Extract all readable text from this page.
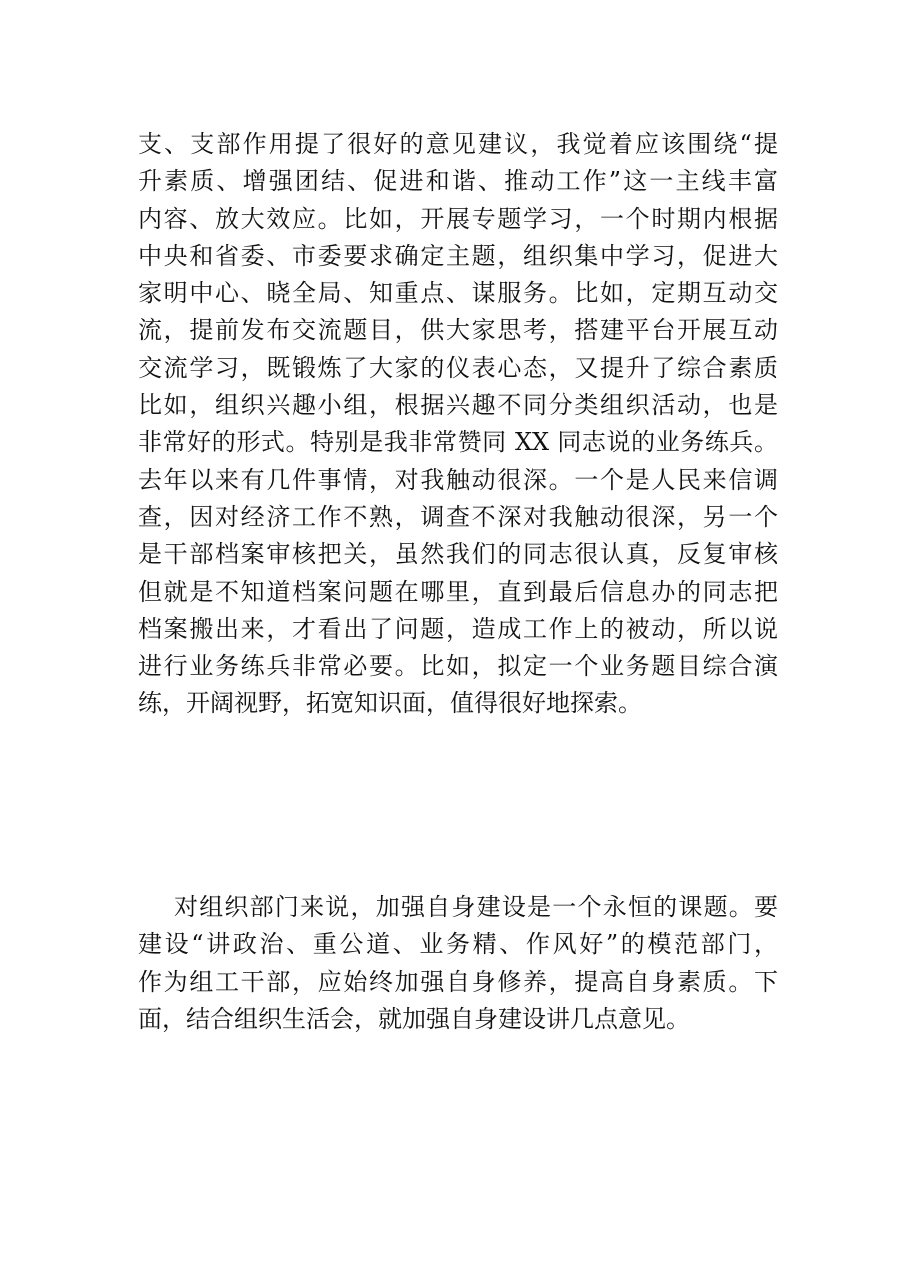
支、支部作用提了很好的意见建议，我觉着应该围绕“提
升素质、增强团结、促进和谐、推动工作”这一主线丰富
内容、放大效应。比如，开展专题学习，一个时期内根据
中央和省委、市委要求确定主题，组织集中学习，促进大
家明中心、晓全局、知重点、谋服务。比如，定期互动交
流，提前发布交流题目，供大家思考，搭建平台开展互动
交流学习，既锻炼了大家的仪表心态，又提升了综合素质
比如，组织兴趣小组，根据兴趣不同分类组织活动，也是
非常好的形式。特别是我非常赞同 XX 同志说的业务练兵。
去年以来有几件事情，对我触动很深。一个是人民来信调
查，因对经济工作不熟，调查不深对我触动很深，另一个
是干部档案审核把关，虽然我们的同志很认真，反复审核
但就是不知道档案问题在哪里，直到最后信息办的同志把
档案搬出来，才看出了问题，造成工作上的被动，所以说
进行业务练兵非常必要。比如，拟定一个业务题目综合演
练，开阔视野，拓宽知识面，值得很好地探索。
对组织部门来说，加强自身建设是一个永恒的课题。要
建设“讲政治、重公道、业务精、作风好”的模范部门，
作为组工干部，应始终加强自身修养，提高自身素质。下
面，结合组织生活会，就加强自身建设讲几点意见。
